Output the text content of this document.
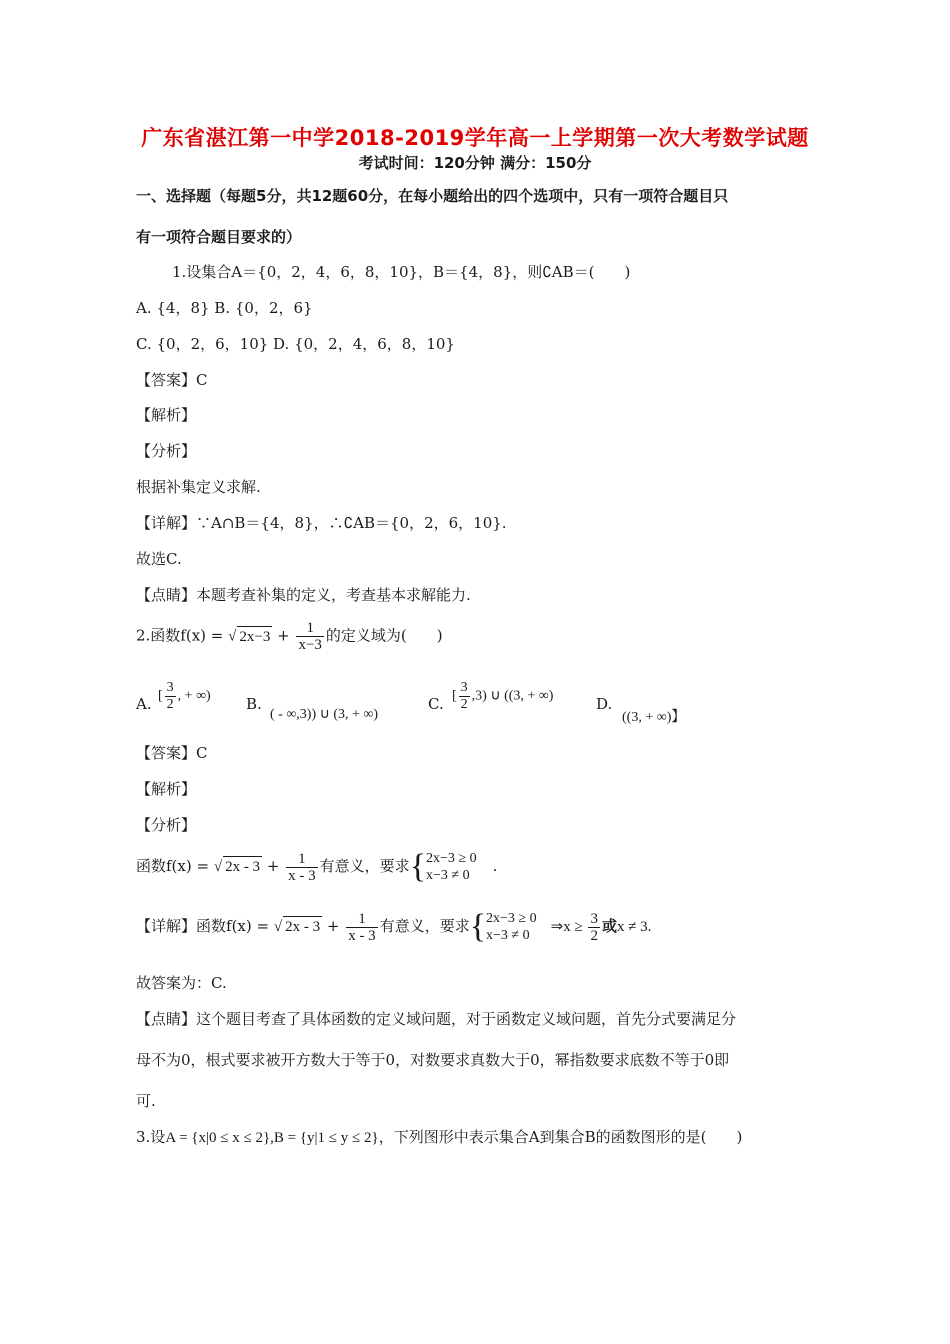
广东省湛江第一中学2018-2019学年高一上学期第一次大考数学试题
考试时间：120分钟 满分：150分
一、选择题（每题5分，共12题60分，在每小题给出的四个选项中，只有一项符合题目只
有一项符合题目要求的）
1.设集合A＝{0，2，4，6，8，10}，B＝{4，8}，则∁AB＝(　　)
A. {4，8} B. {0，2，6}
C. {0，2，6，10} D. {0，2，4，6，8，10}
【答案】C
【解析】
【分析】
根据补集定义求解.
【详解】∵A∩B＝{4，8}，∴∁AB＝{0，2，6，10}.
故选C.
【点睛】本题考查补集的定义，考查基本求解能力.
2.函数f(x) = √ $2x-3 + \frac{1}{x-3}$ 的定义域为(　　)
A. [ $\frac{3}{2}$ , + ∞) B.
( - ∞,3)) ∪ (3, + ∞)
C. [ $\frac{3}{2} ,3$) ∪ ((3, + ∞)	D.
((3, + ∞)】
【答案】C
【解析】
【分析】
函数f(x) = √ $2x - 3 + \frac{1}{x - 3}$ 有意义，要求{ 2x−3 ≥ 0
x−3 ≠ 0
.
【详解】函数f(x) = √ $2x - 3 + \frac{1}{x - 3}$ 有意义，要求{ 2x−3 ≥ 0
x−3 ≠ 0
⇒x ≥ $\frac{3}{2}$ 或x ≠ 3.
故答案为：C.
【点睛】这个题目考查了具体函数的定义域问题，对于函数定义域问题，首先分式要满足分
母不为0，根式要求被开方数大于等于0，对数要求真数大于0，幂指数要求底数不等于0即
可.
3.设A = {x|0 ≤ x ≤ 2},B = {y|1 ≤ y ≤ 2}，下列图形中表示集合A到集合B的函数图形的是(　　)
